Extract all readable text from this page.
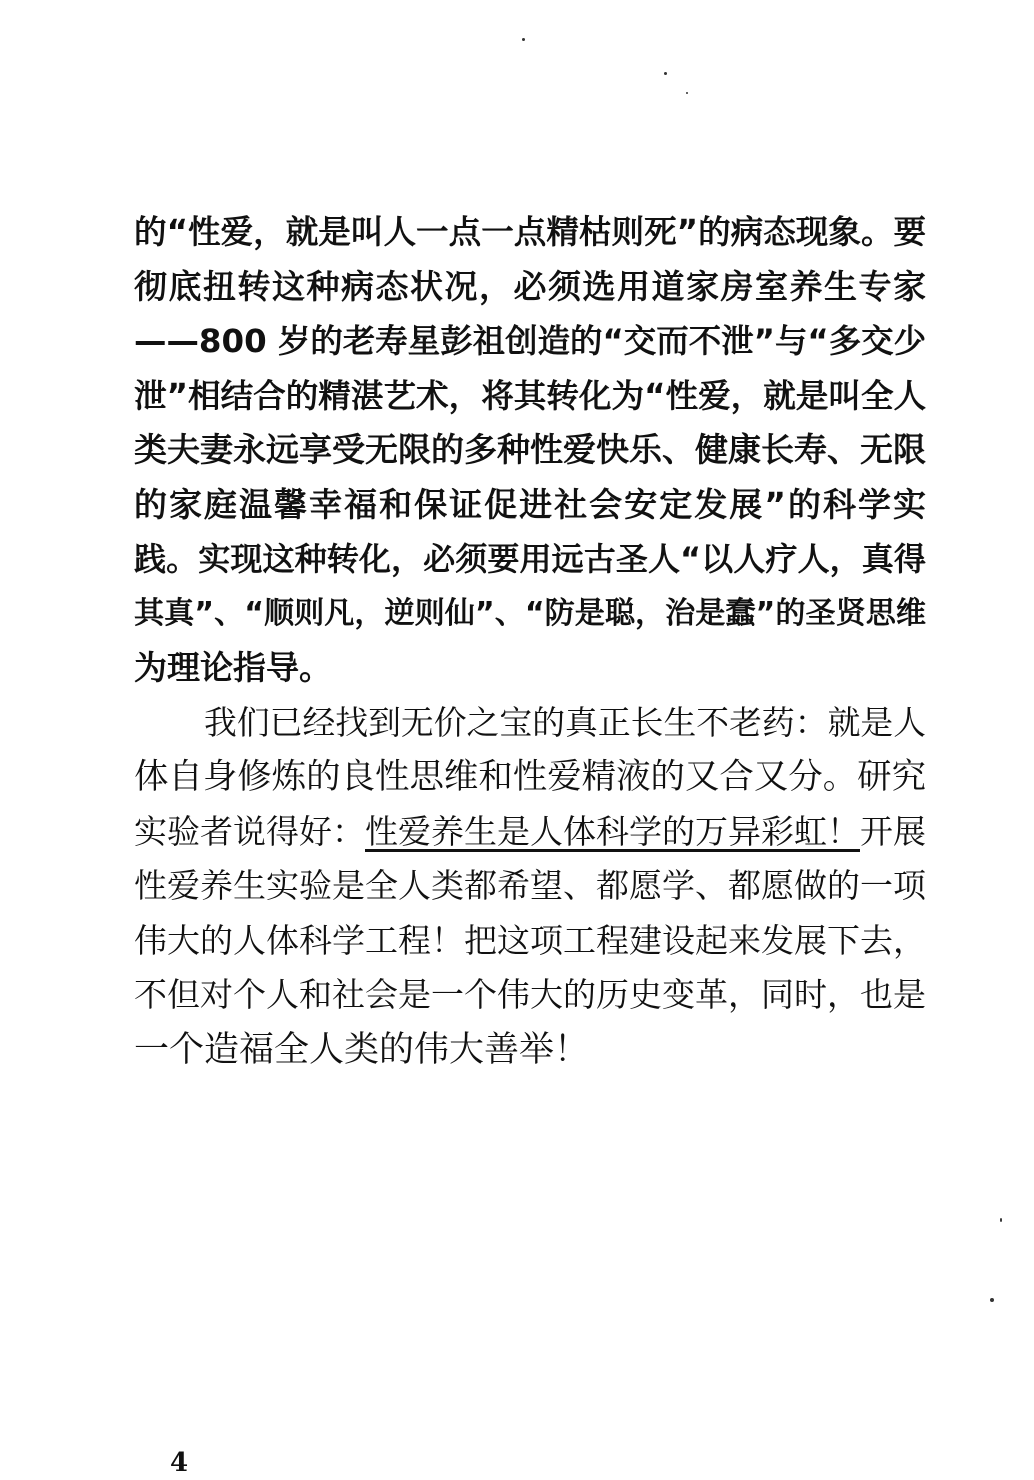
的“性爱，就是叫人一点一点精枯则死”的病态现象。要
彻底扭转这种病态状况，必须选用道家房室养生专家
——800 岁的老寿星彭祖创造的“交而不泄”与“多交少
泄”相结合的精湛艺术，将其转化为“性爱，就是叫全人
类夫妻永远享受无限的多种性爱快乐、健康长寿、无限
的家庭温馨幸福和保证促进社会安定发展”的科学实
践。实现这种转化，必须要用远古圣人“以人疗人，真得
其真”、“顺则凡，逆则仙”、“防是聪，治是蠢”的圣贤思维
为理论指导。
我们已经找到无价之宝的真正长生不老药：就是人
体自身修炼的良性思维和性爱精液的又合又分。研究
实验者说得好：性爱养生是人体科学的万异彩虹！开展
性爱养生实验是全人类都希望、都愿学、都愿做的一项
伟大的人体科学工程！把这项工程建设起来发展下去，
不但对个人和社会是一个伟大的历史变革，同时，也是
一个造福全人类的伟大善举！
4
